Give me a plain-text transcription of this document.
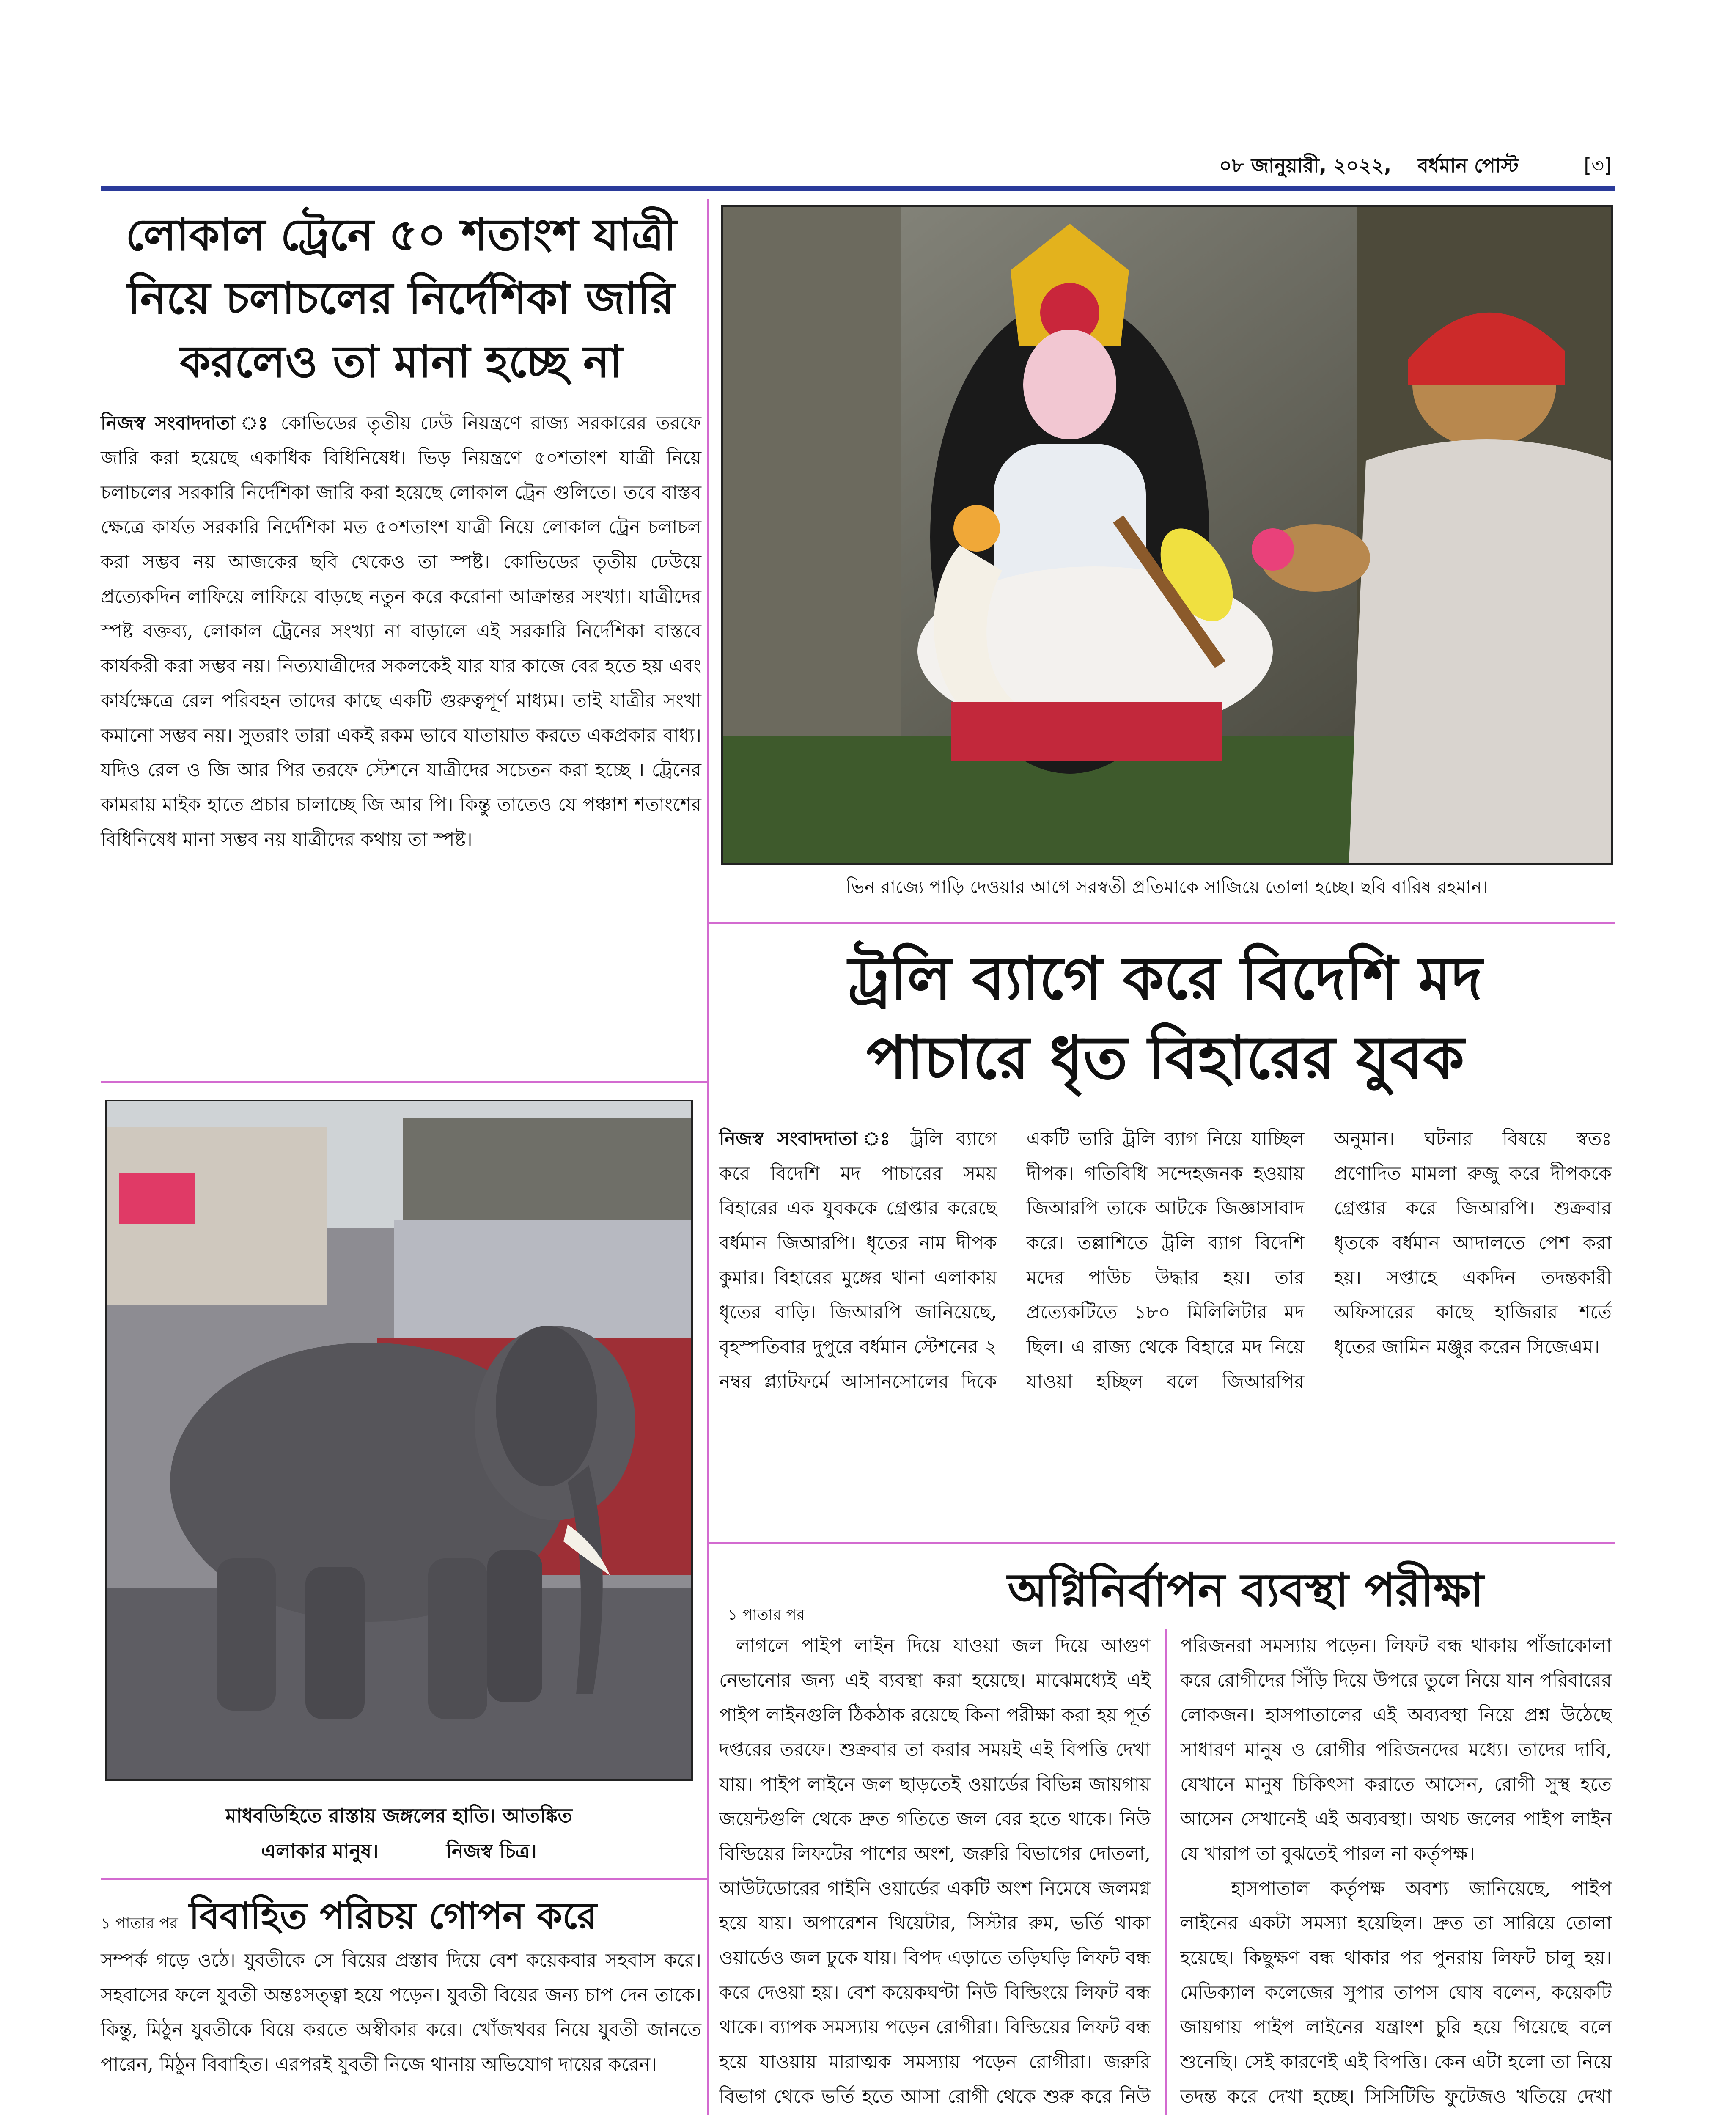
০৮ জানুয়ারী, ২০২২, বর্ধমান পোস্ট	[৩]
লোকাল ট্রেনে ৫০ শতাংশ যাত্রী নিয়ে চলাচলের নির্দেশিকা জারি করলেও তা মানা হচ্ছে না

নিজস্ব সংবাদদাতা ঃ কোভিডের তৃতীয় ঢেউ নিয়ন্ত্রণে রাজ্য সরকারের তরফে জারি করা হয়েছে একাধিক বিধিনিষেধ। ভিড় নিয়ন্ত্রণে ৫০শতাংশ যাত্রী নিয়ে চলাচলের সরকারি নির্দেশিকা জারি করা হয়েছে লোকাল ট্রেন গুলিতে। তবে বাস্তব ক্ষেত্রে কার্যত সরকারি নির্দেশিকা মত ৫০শতাংশ যাত্রী নিয়ে লোকাল ট্রেন চলাচল করা সম্ভব নয় আজকের ছবি থেকেও তা স্পষ্ট। কোভিডের তৃতীয় ঢেউয়ে প্রত্যেকদিন লাফিয়ে লাফিয়ে বাড়ছে নতুন করে করোনা আক্রান্তর সংখ্যা। যাত্রীদের স্পষ্ট বক্তব্য, লোকাল ট্রেনের সংখ্যা না বাড়ালে এই সরকারি নির্দেশিকা বাস্তবে কার্যকরী করা সম্ভব নয়। নিত্যযাত্রীদের সকলকেই যার যার কাজে বের হতে হয় এবং কার্যক্ষেত্রে রেল পরিবহন তাদের কাছে একটি গুরুত্বপূর্ণ মাধ্যম। তাই যাত্রীর সংখা কমানো সম্ভব নয়। সুতরাং তারা একই রকম ভাবে যাতায়াত করতে একপ্রকার বাধ্য। যদিও রেল ও জি আর পির তরফে স্টেশনে যাত্রীদের সচেতন করা হচ্ছে । ট্রেনের কামরায় মাইক হাতে প্রচার চালাচ্ছে জি আর পি। কিন্তু তাতেও যে পঞ্চাশ শতাংশের বিধিনিষেধ মানা সম্ভব নয় যাত্রীদের কথায় তা স্পষ্ট।

ভিন রাজ্যে পাড়ি দেওয়ার আগে সরস্বতী প্রতিমাকে সাজিয়ে তোলা হচ্ছে। ছবি বারিষ রহমান।
ট্রলি ব্যাগে করে বিদেশি মদ পাচারে ধৃত বিহারের যুবক

নিজস্ব সংবাদদাতা ঃ ট্রলি ব্যাগে করে বিদেশি মদ পাচারের সময় বিহারের এক যুবককে গ্রেপ্তার করেছে বর্ধমান জিআরপি। ধৃতের নাম দীপক কুমার। বিহারের মুঙ্গের থানা এলাকায় ধৃতের বাড়ি। জিআরপি জানিয়েছে, বৃহস্পতিবার দুপুরে বর্ধমান স্টেশনের ২ নম্বর প্ল্যাটফর্মে আসানসোলের দিকে একটি ভারি ট্রলি ব্যাগ নিয়ে যাচ্ছিল দীপক। গতিবিধি সন্দেহজনক হওয়ায় জিআরপি তাকে আটকে জিজ্ঞাসাবাদ করে। তল্লাশিতে ট্রলি ব্যাগ বিদেশি মদের পাউচ উদ্ধার হয়। তার প্রত্যেকটিতে ১৮০ মিলিলিটার মদ ছিল। এ রাজ্য থেকে বিহারে মদ নিয়ে যাওয়া হচ্ছিল বলে জিআরপির অনুমান। ঘটনার বিষয়ে স্বতঃ প্রণোদিত মামলা রুজু করে দীপককে গ্রেপ্তার করে জিআরপি। শুক্রবার ধৃতকে বর্ধমান আদালতে পেশ করা হয়। সপ্তাহে একদিন তদন্তকারী অফিসারের কাছে হাজিরার শর্তে ধৃতের জামিন মঞ্জুর করেন সিজেএম।

মাধবডিহিতে রাস্তায় জঙ্গলের হাতি। আতঙ্কিত
এলাকার মানুষ।          নিজস্ব চিত্র।
১ পাতার পর বিবাহিত পরিচয় গোপন করে

সম্পর্ক গড়ে ওঠে। যুবতীকে সে বিয়ের প্রস্তাব দিয়ে বেশ কয়েকবার সহবাস করে। সহবাসের ফলে যুবতী অন্তঃসত্ত্বা হয়ে পড়েন। যুবতী বিয়ের জন্য চাপ দেন তাকে। কিন্তু, মিঠুন যুবতীকে বিয়ে করতে অস্বীকার করে। খোঁজখবর নিয়ে যুবতী জানতে পারেন, মিঠুন বিবাহিত। এরপরই যুবতী নিজে থানায় অভিযোগ দায়ের করেন।

১ পাতার পর	অগ্নিনির্বাপন ব্যবস্থা পরীক্ষা

লাগলে পাইপ লাইন দিয়ে যাওয়া জল দিয়ে আগুণ নেভানোর জন্য এই ব্যবস্থা করা হয়েছে। মাঝেমধ্যেই এই পাইপ লাইনগুলি ঠিকঠাক রয়েছে কিনা পরীক্ষা করা হয় পূর্ত দপ্তরের তরফে। শুক্রবার তা করার সময়ই এই বিপত্তি দেখা যায়। পাইপ লাইনে জল ছাড়তেই ওয়ার্ডের বিভিন্ন জায়গায় জয়েন্টগুলি থেকে দ্রুত গতিতে জল বের হতে থাকে। নিউ বিল্ডিয়ের লিফটের পাশের অংশ, জরুরি বিভাগের দোতলা, আউটডোরের গাইনি ওয়ার্ডের একটি অংশ নিমেষে জলমগ্ন হয়ে যায়। অপারেশন থিয়েটার, সিস্টার রুম, ভর্তি থাকা ওয়ার্ডেও জল ঢুকে যায়। বিপদ এড়াতে তড়িঘড়ি লিফট বন্ধ করে দেওয়া হয়। বেশ কয়েকঘণ্টা নিউ বিল্ডিংয়ে লিফট বন্ধ থাকে। ব্যাপক সমস্যায় পড়েন রোগীরা। বিল্ডিয়ের লিফট বন্ধ হয়ে যাওয়ায় মারাত্মক সমস্যায় পড়েন রোগীরা। জরুরি বিভাগ থেকে ভর্তি হতে আসা রোগী থেকে শুরু করে নিউ পরিজনরা সমস্যায় পড়েন। লিফট বন্ধ থাকায় পাঁজাকোলা করে রোগীদের সিঁড়ি দিয়ে উপরে তুলে নিয়ে যান পরিবারের লোকজন। হাসপাতালের এই অব্যবস্থা নিয়ে প্রশ্ন উঠেছে সাধারণ মানুষ ও রোগীর পরিজনদের মধ্যে। তাদের দাবি, যেখানে মানুষ চিকিৎসা করাতে আসেন, রোগী সুস্থ হতে আসেন সেখানেই এই অব্যবস্থা। অথচ জলের পাইপ লাইন যে খারাপ তা বুঝতেই পারল না কর্তৃপক্ষ।

হাসপাতাল কর্তৃপক্ষ অবশ্য জানিয়েছে, পাইপ লাইনের একটা সমস্যা হয়েছিল। দ্রুত তা সারিয়ে তোলা হয়েছে। কিছুক্ষণ বন্ধ থাকার পর পুনরায় লিফট চালু হয়। মেডিক্যাল কলেজের সুপার তাপস ঘোষ বলেন, কয়েকটি জায়গায় পাইপ লাইনের যন্ত্রাংশ চুরি হয়ে গিয়েছে বলে শুনেছি। সেই কারণেই এই বিপত্তি। কেন এটা হলো তা নিয়ে তদন্ত করে দেখা হচ্ছে। সিসিটিভি ফুটেজও খতিয়ে দেখা
